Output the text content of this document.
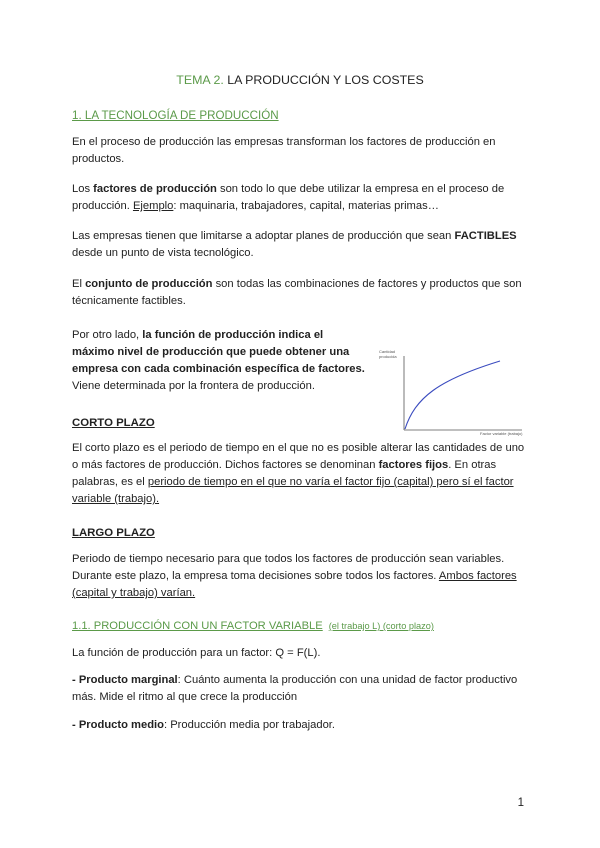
TEMA 2. LA PRODUCCIÓN Y LOS COSTES
1. LA TECNOLOGÍA DE PRODUCCIÓN
En el proceso de producción las empresas transforman los factores de producción en productos.
Los factores de producción son todo lo que debe utilizar la empresa en el proceso de producción. Ejemplo: maquinaria, trabajadores, capital, materias primas…
Las empresas tienen que limitarse a adoptar planes de producción que sean FACTIBLES desde un punto de vista tecnológico.
El conjunto de producción son todas las combinaciones de factores y productos que son técnicamente factibles.
Por otro lado, la función de producción indica el máximo nivel de producción que puede obtener una empresa con cada combinación específica de factores. Viene determinada por la frontera de producción.
Cantidad
producida
Factor variable (trabajo)
CORTO PLAZO
El corto plazo es el periodo de tiempo en el que no es posible alterar las cantidades de uno o más factores de producción. Dichos factores se denominan factores fijos. En otras palabras, es el periodo de tiempo en el que no varía el factor fijo (capital) pero sí el factor variable (trabajo).
LARGO PLAZO
Periodo de tiempo necesario para que todos los factores de producción sean variables. Durante este plazo, la empresa toma decisiones sobre todos los factores. Ambos factores (capital y trabajo) varían.
1.1. PRODUCCIÓN CON UN FACTOR VARIABLE (el trabajo L) (corto plazo)
La función de producción para un factor: Q = F(L).
- Producto marginal: Cuánto aumenta la producción con una unidad de factor productivo más. Mide el ritmo al que crece la producción
- Producto medio: Producción media por trabajador.
1
